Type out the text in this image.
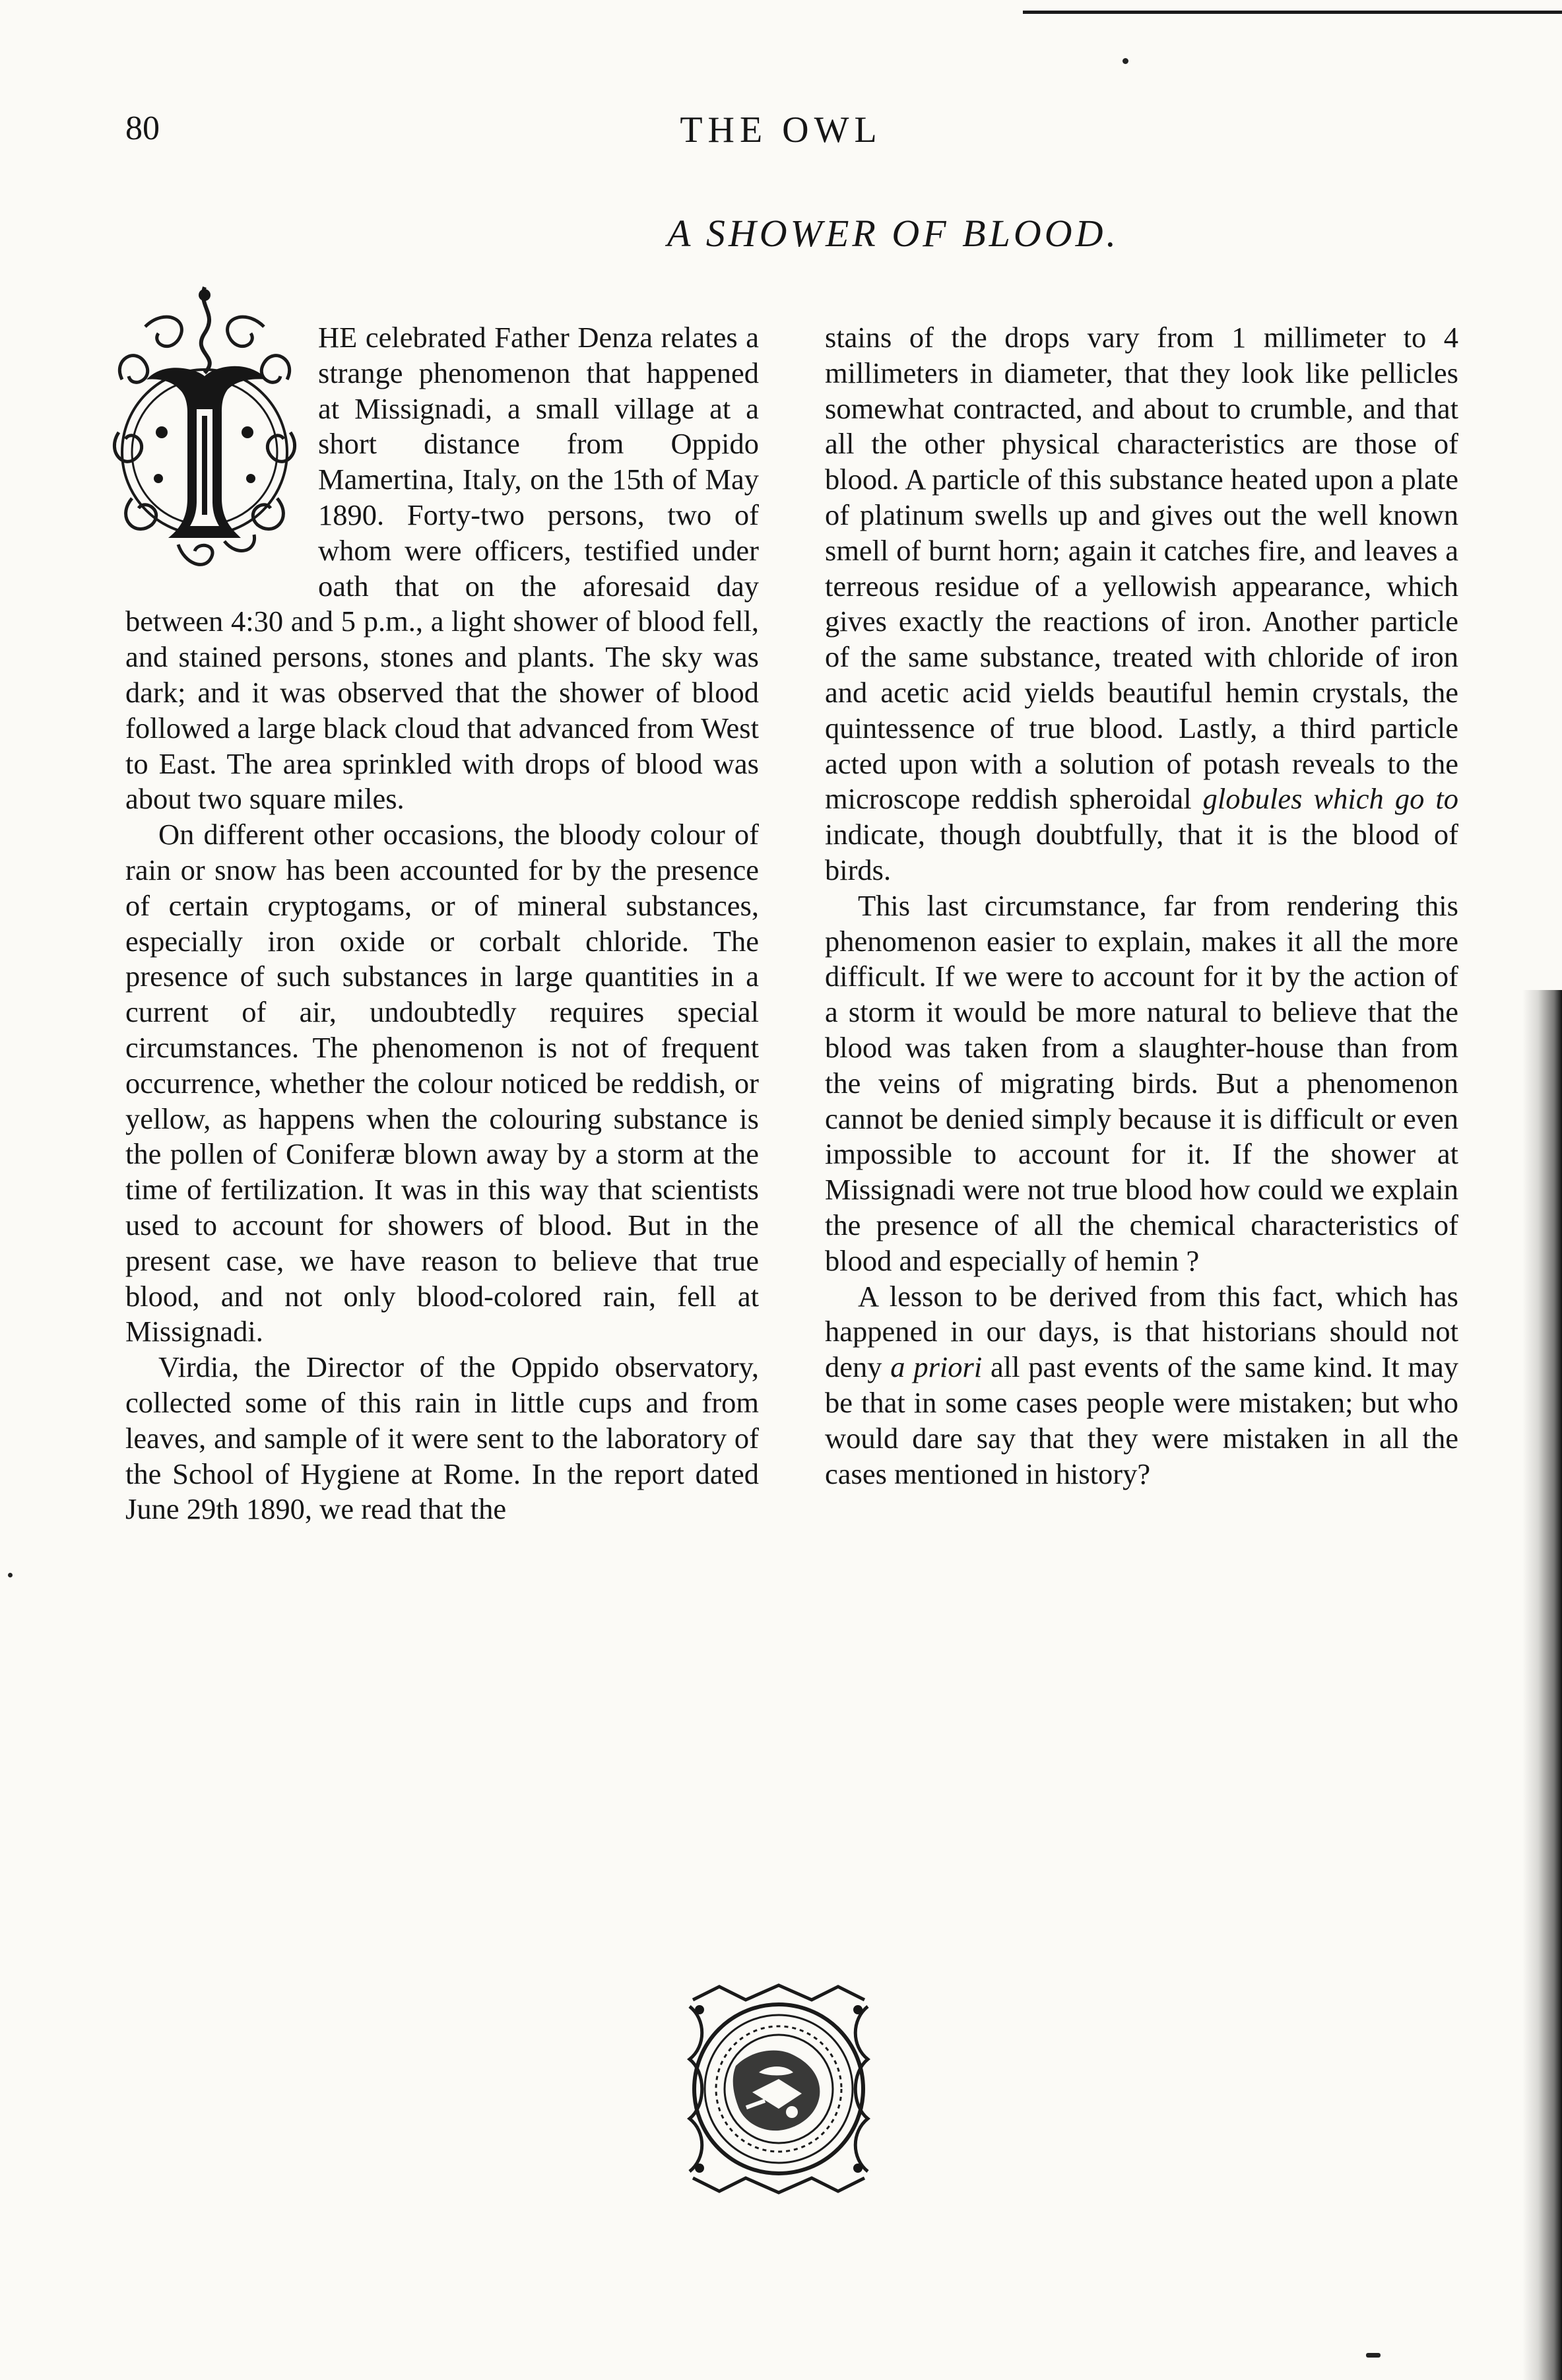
80	THE OWL
A SHOWER OF BLOOD.

HE celebrated Father Denza relates a strange phenomenon that happened at Missignadi, a small village at a short distance from Oppido Mamertina, Italy, on the 15th of May 1890. Forty-two persons, two of whom were officers, testified under oath that on the aforesaid day between 4:30 and 5 p.m., a light shower of blood fell, and stained persons, stones and plants. The sky was dark; and it was observed that the shower of blood followed a large black cloud that advanced from West to East. The area sprinkled with drops of blood was about two square miles.

On different other occasions, the bloody colour of rain or snow has been accounted for by the presence of certain cryptogams, or of mineral substances, especially iron oxide or corbalt chloride. The presence of such substances in large quantities in a current of air, undoubtedly requires special circumstances. The phenomenon is not of frequent occurrence, whether the colour noticed be reddish, or yellow, as happens when the colouring substance is the pollen of Coniferæ blown away by a storm at the time of fertilization. It was in this way that scientists used to account for showers of blood. But in the present case, we have reason to believe that true blood, and not only blood-colored rain, fell at Missignadi.

Virdia, the Director of the Oppido observatory, collected some of this rain in little cups and from leaves, and sample of it were sent to the laboratory of the School of Hygiene at Rome. In the report dated June 29th 1890, we read that the

stains of the drops vary from 1 millimeter to 4 millimeters in diameter, that they look like pellicles somewhat contracted, and about to crumble, and that all the other physical characteristics are those of blood. A particle of this substance heated upon a plate of platinum swells up and gives out the well known smell of burnt horn; again it catches fire, and leaves a terreous residue of a yellowish appearance, which gives exactly the reactions of iron. Another particle of the same substance, treated with chloride of iron and acetic acid yields beautiful hemin crystals, the quintessence of true blood. Lastly, a third particle acted upon with a solution of potash reveals to the microscope reddish spheroidal globules which go to indicate, though doubtfully, that it is the blood of birds.

This last circumstance, far from rendering this phenomenon easier to explain, makes it all the more difficult. If we were to account for it by the action of a storm it would be more natural to believe that the blood was taken from a slaughter-house than from the veins of migrating birds. But a phenomenon cannot be denied simply because it is difficult or even impossible to account for it. If the shower at Missignadi were not true blood how could we explain the presence of all the chemical characteristics of blood and especially of hemin ?

A lesson to be derived from this fact, which has happened in our days, is that historians should not deny a priori all past events of the same kind. It may be that in some cases people were mistaken; but who would dare say that they were mistaken in all the cases mentioned in history?
